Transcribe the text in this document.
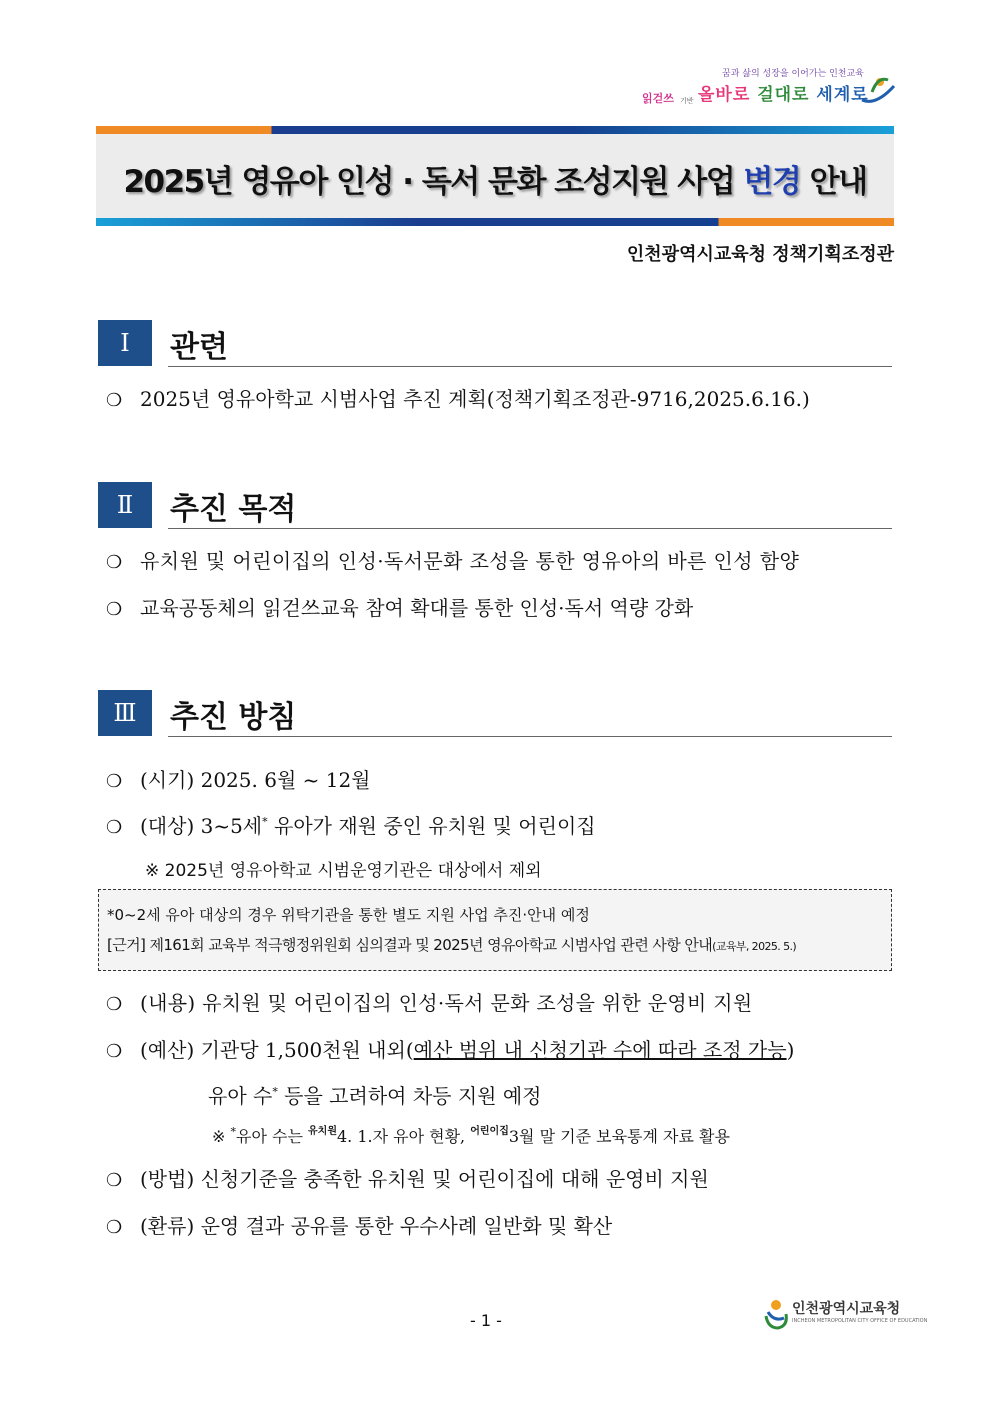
꿈과 삶의 성장을 이어가는 인천교육
읽걷쓰 기반 올바로 걸대로 세계로
2025년 영유아 인성 · 독서 문화 조성지원 사업 변경 안내
인천광역시교육청 정책기획조정관
Ⅰ	관련
❍ 2025년 영유아학교 시범사업 추진 계획(정책기획조정관-9716,2025.6.16.)
Ⅱ	추진 목적
❍ 유치원 및 어린이집의 인성·독서문화 조성을 통한 영유아의 바른 인성 함양
❍ 교육공동체의 읽걷쓰교육 참여 확대를 통한 인성·독서 역량 강화
Ⅲ	추진 방침
❍ (시기) 2025. 6월 ~ 12월
❍ (대상) 3~5세* 유아가 재원 중인 유치원 및 어린이집
※ 2025년 영유아학교 시범운영기관은 대상에서 제외
*0~2세 유아 대상의 경우 위탁기관을 통한 별도 지원 사업 추진·안내 예정
[근거] 제161회 교육부 적극행정위원회 심의결과 및 2025년 영유아학교 시범사업 관련 사항 안내(교육부, 2025. 5.)
❍ (내용) 유치원 및 어린이집의 인성·독서 문화 조성을 위한 운영비 지원
❍ (예산) 기관당 1,500천원 내외(예산 범위 내 신청기관 수에 따라 조정 가능)
유아 수* 등을 고려하여 차등 지원 예정
※ *유아 수는 $^{유치원}$4. 1.자 유아 현황, $^{어린이집}$3월 말 기준 보육통계 자료 활용
❍ (방법) 신청기준을 충족한 유치원 및 어린이집에 대해 운영비 지원
❍ (환류) 운영 결과 공유를 통한 우수사례 일반화 및 확산
- 1 -
인천광역시교육청
INCHEON METROPOLITAN CITY OFFICE OF EDUCATION
